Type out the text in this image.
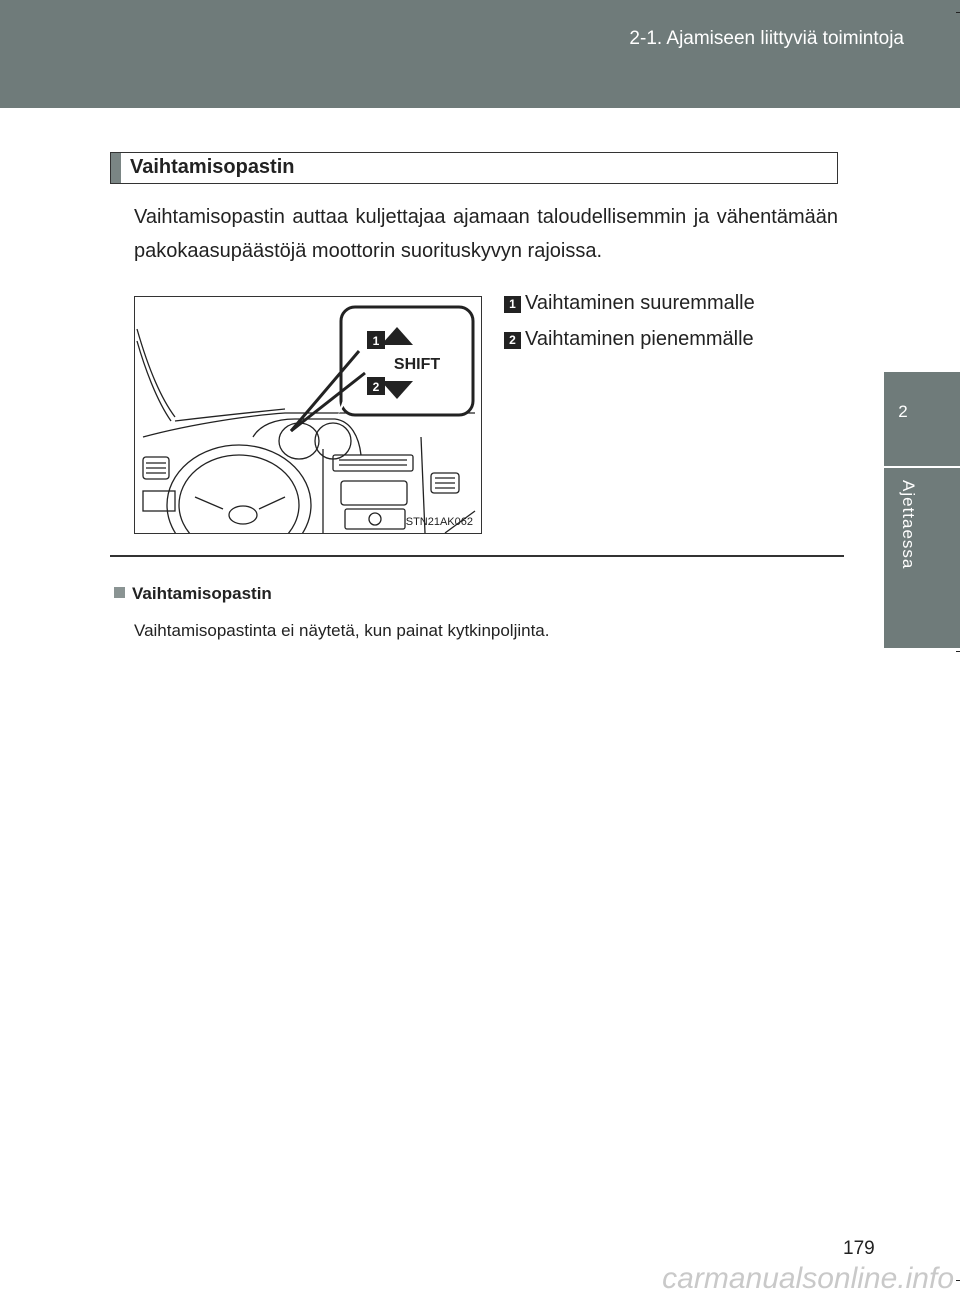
2-1. Ajamiseen liittyviä toimintoja
2
Ajettaessa
Vaihtamisopastin
Vaihtamisopastin auttaa kuljettajaa ajamaan taloudellisemmin ja vähentämään pakokaasupäästöjä moottorin suorituskyvyn rajoissa.
1
2
SHIFT
STN21AK062
1 Vaihtaminen suuremmalle
2 Vaihtaminen pienemmälle
Vaihtamisopastin
Vaihtamisopastinta ei näytetä, kun painat kytkinpoljinta.
179
carmanualsonline.info
